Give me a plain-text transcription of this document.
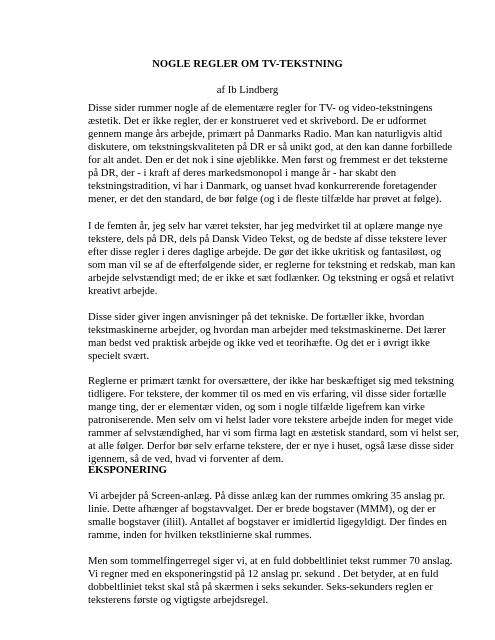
NOGLE REGLER OM TV-TEKSTNING
af Ib Lindberg
Disse sider rummer nogle af de elementære regler for TV- og video-tekstningens
æstetik. Det er ikke regler, der er konstrueret ved et skrivebord. De er udformet
gennem mange års arbejde, primært på Danmarks Radio. Man kan naturligvis altid
diskutere, om tekstningskvaliteten på DR er så unikt god, at den kan danne forbillede
for alt andet. Den er det nok i sine øjeblikke. Men først og fremmest er det teksterne
på DR, der - i kraft af deres markedsmonopol i mange år - har skabt den
tekstningstradition, vi har i Danmark, og uanset hvad konkurrerende foretagender
mener, er det den standard, de bør følge (og i de fleste tilfælde har prøvet at følge).
I de femten år, jeg selv har været tekster, har jeg medvirket til at oplære mange nye
tekstere, dels på DR, dels på Dansk Video Tekst, og de bedste af disse tekstere lever
efter disse regler i deres daglige arbejde. De gør det ikke ukritisk og fantasiløst, og
som man vil se af de efterfølgende sider, er reglerne for tekstning et redskab, man kan
arbejde selvstændigt med; de er ikke et sæt fodlænker. Og tekstning er også et relativt
kreativt arbejde.
Disse sider giver ingen anvisninger på det tekniske. De fortæller ikke, hvordan
tekstmaskinerne arbejder, og hvordan man arbejder med tekstmaskinerne. Det lærer
man bedst ved praktisk arbejde og ikke ved et teorihæfte. Og det er i øvrigt ikke
specielt svært.
Reglerne er primært tænkt for oversættere, der ikke har beskæftiget sig med tekstning
tidligere. For tekstere, der kommer til os med en vis erfaring, vil disse sider fortælle
mange ting, der er elementær viden, og som i nogle tilfælde ligefrem kan virke
patroniserende. Men selv om vi helst lader vore tekstere arbejde inden for meget vide
rammer af selvstændighed, har vi som firma lagt en æstetisk standard, som vi helst ser,
at alle følger. Derfor bør selv erfarne tekstere, der er nye i huset, også læse disse sider
igennem, så de ved, hvad vi forventer af dem.
EKSPONERING
Vi arbejder på Screen-anlæg. På disse anlæg kan der rummes omkring 35 anslag pr.
linie. Dette afhænger af bogstavvalget. Der er brede bogstaver (MMM), og der er
smalle bogstaver (iliil). Antallet af bogstaver er imidlertid ligegyldigt. Der findes en
ramme, inden for hvilken tekstlinierne skal rummes.
Men som tommelfingerregel siger vi, at en fuld dobbeltliniet tekst rummer 70 anslag.
Vi regner med en eksponeringstid på 12 anslag pr. sekund . Det betyder, at en fuld
dobbeltliniet tekst skal stå på skærmen i seks sekunder. Seks-sekunders reglen er
teksterens første og vigtigste arbejdsregel.
